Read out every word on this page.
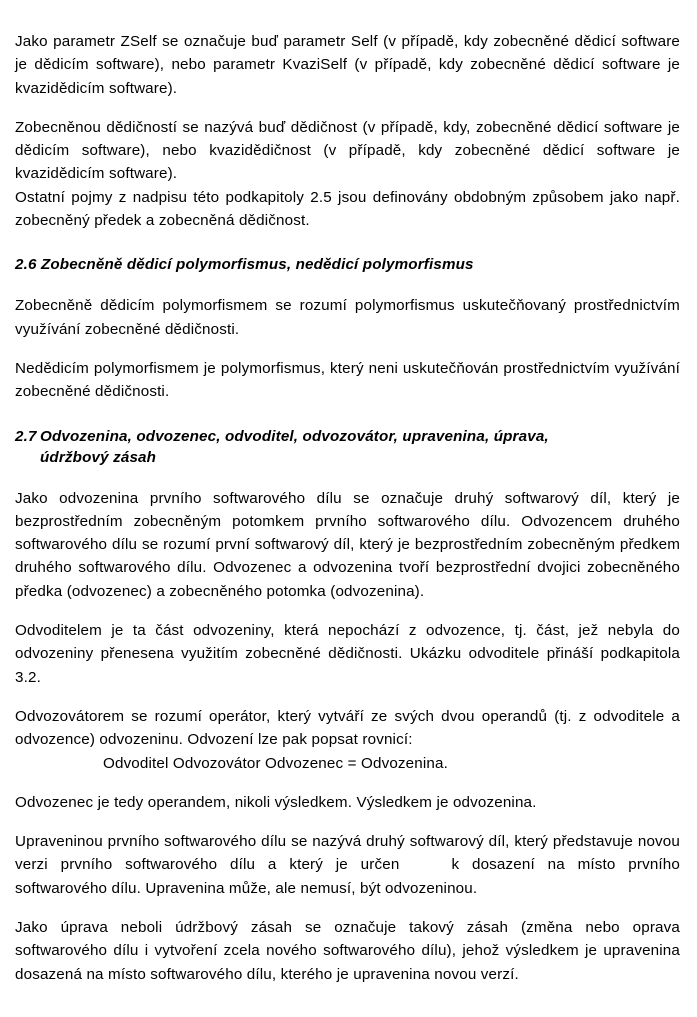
Jako parametr ZSelf se označuje buď parametr Self (v případě, kdy zobecněné dědicí software je dědicím software), nebo parametr KvaziSelf (v případě, kdy zobecněné dědicí software je kvazidědicím software).

Zobecněnou dědičností se nazývá buď dědičnost (v případě, kdy, zobecněné dědicí software je dědicím software), nebo kvazidědičnost (v případě, kdy zobecněné dědicí software je kvazidědicím software).

Ostatní pojmy z nadpisu této podkapitoly 2.5 jsou definovány obdobným způsobem jako např. zobecněný předek a zobecněná dědičnost.

2.6 Zobecněně dědicí polymorfismus, nedědicí polymorfismus

Zobecněně dědicím polymorfismem se rozumí polymorfismus uskutečňovaný prostřednictvím využívání zobecněné dědičnosti.

Nedědicím polymorfismem je polymorfismus, který neni uskutečňován prostřednictvím využívání zobecněné dědičnosti.

2.7 Odvozenina, odvozenec, odvoditel, odvozovátor, upravenina, úprava,
údržbový zásah

Jako odvozenina prvního softwarového dílu se označuje druhý softwarový díl, který je bezprostředním zobecněným potomkem prvního softwarového dílu. Odvozencem druhého softwarového dílu se rozumí první softwarový díl, který je bezprostředním zobecněným předkem druhého softwarového dílu. Odvozenec a odvozenina tvoří bezprostřední dvojici zobecněného předka (odvozenec) a zobecněného potomka (odvozenina).

Odvoditelem je ta část odvozeniny, která nepochází z odvozence, tj. část, jež nebyla do odvozeniny přenesena využitím zobecněné dědičnosti. Ukázku odvoditele přináší podkapitola 3.2.

Odvozovátorem se rozumí operátor, který vytváří ze svých dvou operandů (tj. z odvoditele a odvozence) odvozeninu. Odvození lze pak popsat rovnicí:

Odvoditel Odvozovátor Odvozenec = Odvozenina.

Odvozenec je tedy operandem, nikoli výsledkem. Výsledkem je odvozenina.

Upraveninou prvního softwarového dílu se nazývá druhý softwarový díl, který představuje novou verzi prvního softwarového dílu a který je určen	k dosazení na místo prvního softwarového dílu. Upravenina může, ale nemusí, být odvozeninou.

Jako úprava neboli údržbový zásah se označuje takový zásah (změna nebo oprava softwarového dílu i vytvoření zcela nového softwarového dílu), jehož výsledkem je upravenina dosazená na místo softwarového dílu, kterého je upravenina novou verzí.
